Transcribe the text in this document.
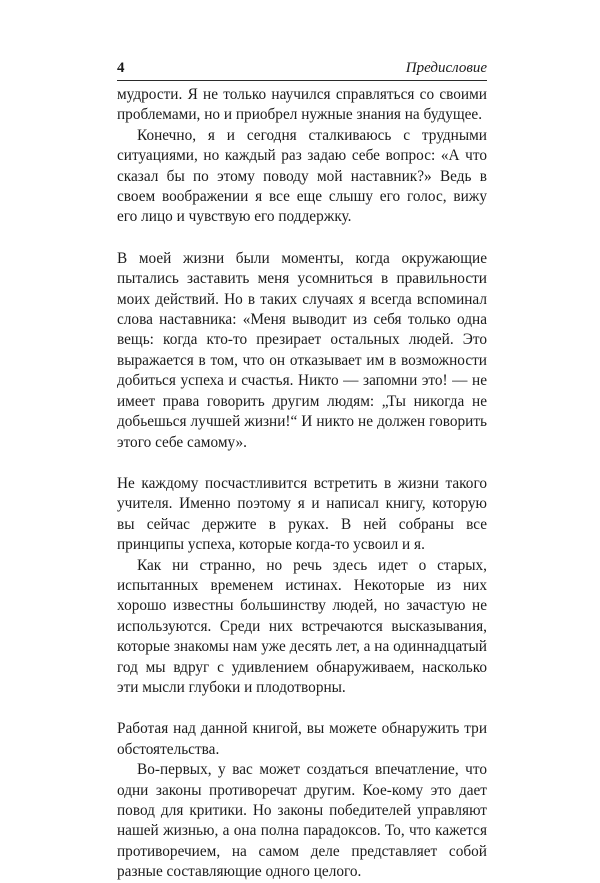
4	Предисловие

мудрости. Я не только научился справляться со своими проблемами, но и приобрел нужные знания на будущее.

Конечно, я и сегодня сталкиваюсь с трудными ситуациями, но каждый раз задаю себе вопрос: «А что сказал бы по этому поводу мой наставник?» Ведь в своем воображении я все еще слышу его голос, вижу его лицо и чувствую его поддержку.

В моей жизни были моменты, когда окружающие пытались заставить меня усомниться в правильности моих действий. Но в таких случаях я всегда вспоминал слова наставника: «Меня выводит из себя только одна вещь: когда кто-то презирает остальных людей. Это выражается в том, что он отказывает им в возможности добиться успеха и счастья. Никто — запомни это! — не имеет права говорить другим людям: „Ты никогда не добьешься лучшей жизни!“ И никто не должен говорить этого себе самому».

Не каждому посчастливится встретить в жизни такого учителя. Именно поэтому я и написал книгу, которую вы сейчас держите в руках. В ней собраны все принципы успеха, которые когда-то усвоил и я.

Как ни странно, но речь здесь идет о старых, испытанных временем истинах. Некоторые из них хорошо известны большинству людей, но зачастую не используются. Среди них встречаются высказывания, которые знакомы нам уже десять лет, а на одиннадцатый год мы вдруг с удивлением обнаруживаем, насколько эти мысли глубоки и плодотворны.

Работая над данной книгой, вы можете обнаружить три обстоятельства.

Во-первых, у вас может создаться впечатление, что одни законы противоречат другим. Кое-кому это дает повод для критики. Но законы победителей управляют нашей жизнью, а она полна парадоксов. То, что кажется противоречием, на самом деле представляет собой разные составляющие одного целого.
